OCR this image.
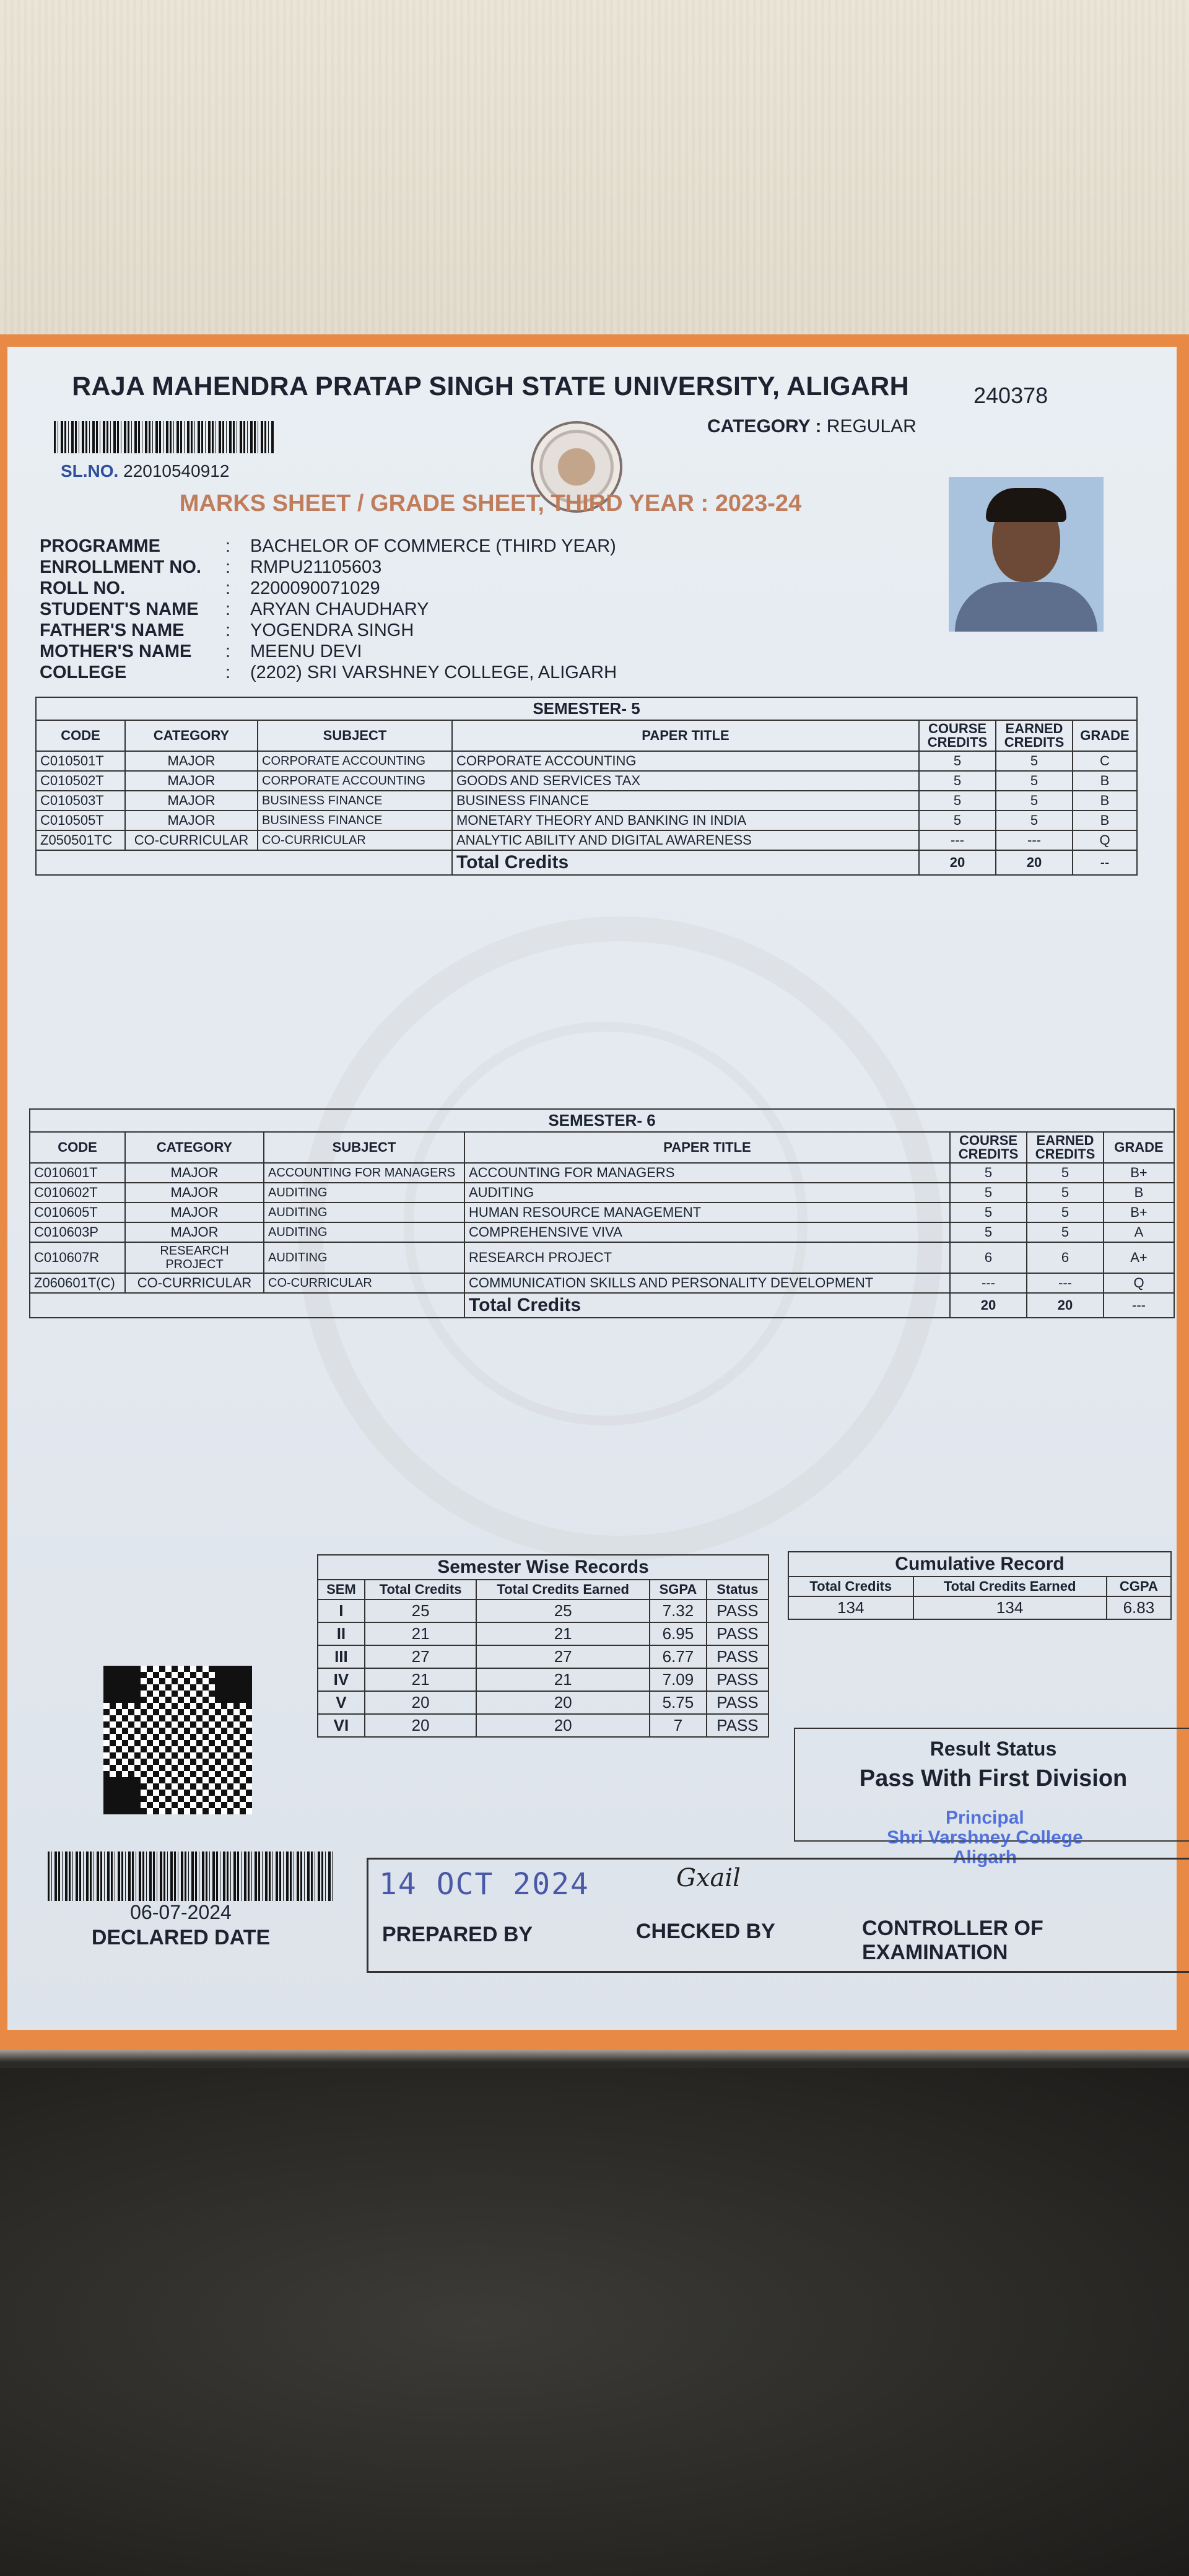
RAJA MAHENDRA PRATAP SINGH STATE UNIVERSITY, ALIGARH	240378
CATEGORY : REGULAR
SL.NO. 22010540912
MARKS SHEET / GRADE SHEET, THIRD YEAR : 2023-24
PROGRAMME	:	BACHELOR OF COMMERCE (THIRD YEAR)
ENROLLMENT NO.	:	RMPU21105603
ROLL NO.	:	2200090071029
STUDENT'S NAME	:	ARYAN CHAUDHARY
FATHER'S NAME	:	YOGENDRA SINGH
MOTHER'S NAME	:	MEENU DEVI
COLLEGE	:	(2202) SRI VARSHNEY COLLEGE, ALIGARH
SEMESTER- 5						
CODE	CATEGORY	SUBJECT	PAPER TITLE	COURSE CREDITS	EARNED CREDITS	GRADE
C010501T	MAJOR	CORPORATE ACCOUNTING	CORPORATE ACCOUNTING	5	5	C
C010502T	MAJOR	CORPORATE ACCOUNTING	GOODS AND SERVICES TAX	5	5	B
C010503T	MAJOR	BUSINESS FINANCE	BUSINESS FINANCE	5	5	B
C010505T	MAJOR	BUSINESS FINANCE	MONETARY THEORY AND BANKING IN INDIA	5	5	B
Z050501TC	CO-CURRICULAR	CO-CURRICULAR	ANALYTIC ABILITY AND DIGITAL AWARENESS	---	---	Q
			Total Credits	20	20	--
SEMESTER- 6						
CODE	CATEGORY	SUBJECT	PAPER TITLE	COURSE CREDITS	EARNED CREDITS	GRADE
C010601T	MAJOR	ACCOUNTING FOR MANAGERS	ACCOUNTING FOR MANAGERS	5	5	B+
C010602T	MAJOR	AUDITING	AUDITING	5	5	B
C010605T	MAJOR	AUDITING	HUMAN RESOURCE MANAGEMENT	5	5	B+
C010603P	MAJOR	AUDITING	COMPREHENSIVE VIVA	5	5	A
C010607R	RESEARCH PROJECT	AUDITING	RESEARCH PROJECT	6	6	A+
Z060601T(C)	CO-CURRICULAR	CO-CURRICULAR	COMMUNICATION SKILLS AND PERSONALITY DEVELOPMENT	---	---	Q
			Total Credits	20	20	---
Semester Wise Records				
SEM	Total Credits	Total Credits Earned	SGPA	Status
I	25	25	7.32	PASS
II	21	21	6.95	PASS
III	27	27	6.77	PASS
IV	21	21	7.09	PASS
V	20	20	5.75	PASS
VI	20	20	7	PASS
Cumulative Record		
Total Credits	Total Credits Earned	CGPA
134	134	6.83
Result Status
Pass With First Division
Principal
Shri Varshney College
Aligarh
06-07-2024
DECLARED DATE
14 OCT 2024	Gxail
PREPARED BY	CHECKED BY	CONTROLLER OF EXAMINATION
